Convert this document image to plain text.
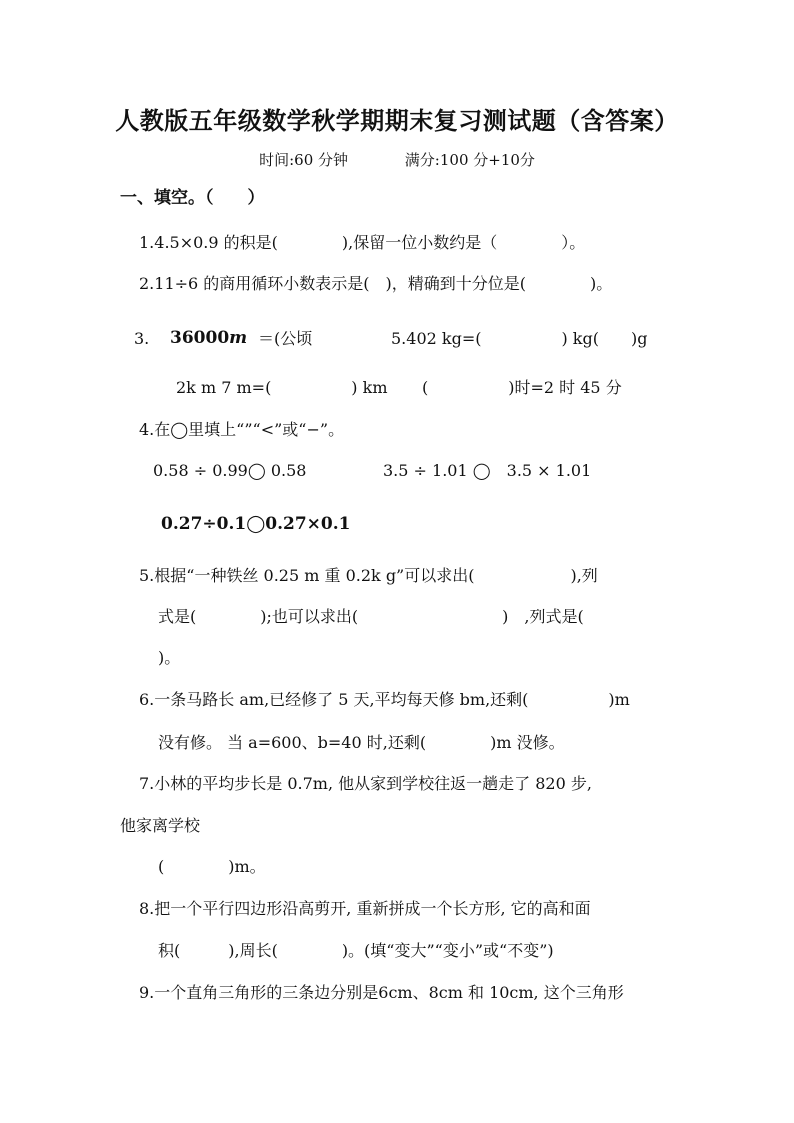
人教版五年级数学秋学期期末复习测试题（含答案）
时间:60 分钟	满分:100 分+10分
一、填空。（　　）
1.4.5×0.9 的积是(　　　　),保留一位小数约是（　　　　）。
2.11÷6 的商用循环小数表示是(　)，精确到十分位是(　　　　)。
3. 36000m ＝(公顷	5.402 kg=(　　　　　) kg(　　)g
2k m 7 m=(　　　　　) km (　　　　　)时=2 时 45 分
4.在◯里填上“”“<”或“−”。
0.58 ÷ 0.99◯ 0.58	3.5 ÷ 1.01 ◯　3.5 × 1.01
0.27÷0.1◯0.27×0.1
5.根据“一种铁丝 0.25 m 重 0.2k g”可以求出(　　　　　　),列
式是(　　　　);也可以求出(　　　　　　　　　)　,列式是(
)。
6.一条马路长 am,已经修了 5 天,平均每天修 bm,还剩(　　　　　)m
没有修。 当 a=600、b=40 时,还剩(　　　　)m 没修。
7.小林的平均步长是 0.7m, 他从家到学校往返一趟走了 820 步,
他家离学校
(　　　　)m。
8.把一个平行四边形沿高剪开, 重新拼成一个长方形, 它的高和面
积(　　　),周长(　　　　)。(填“变大”“变小”或“不变”)
9.一个直角三角形的三条边分别是6cm、8cm 和 10cm, 这个三角形
